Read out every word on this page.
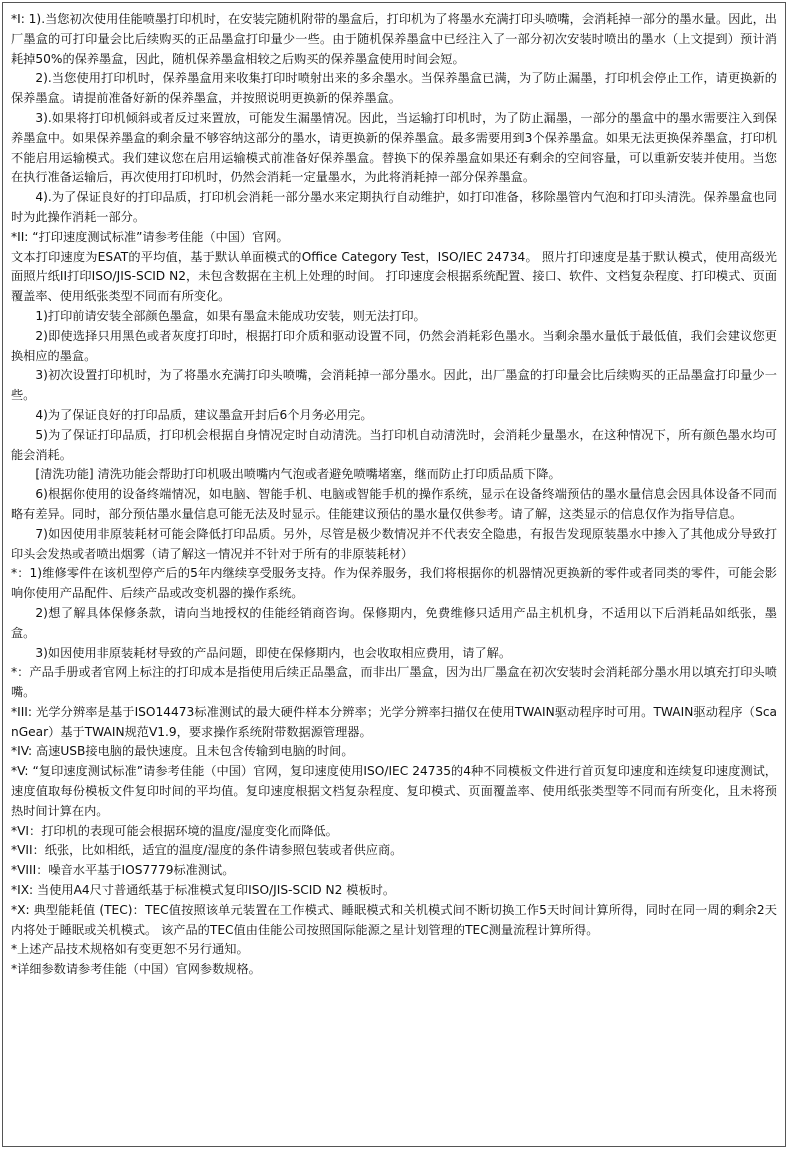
*I: 1).当您初次使用佳能喷墨打印机时，在安装完随机附带的墨盒后，打印机为了将墨水充满打印头喷嘴，会消耗掉一部分的墨水量。因此，出厂墨盒的可打印量会比后续购买的正品墨盒打印量少一些。由于随机保养墨盒中已经注入了一部分初次安装时喷出的墨水（上文提到）预计消耗掉50%的保养墨盒，因此，随机保养墨盒相较之后购买的保养墨盒使用时间会短。

2).当您使用打印机时，保养墨盒用来收集打印时喷射出来的多余墨水。当保养墨盒已满，为了防止漏墨，打印机会停止工作，请更换新的保养墨盒。请提前准备好新的保养墨盒，并按照说明更换新的保养墨盒。

3).如果将打印机倾斜或者反过来置放，可能发生漏墨情况。因此，当运输打印机时，为了防止漏墨，一部分的墨盒中的墨水需要注入到保养墨盒中。如果保养墨盒的剩余量不够容纳这部分的墨水，请更换新的保养墨盒。最多需要用到3个保养墨盒。如果无法更换保养墨盒，打印机不能启用运输模式。我们建议您在启用运输模式前准备好保养墨盒。替换下的保养墨盒如果还有剩余的空间容量，可以重新安装并使用。当您在执行准备运输后，再次使用打印机时，仍然会消耗一定量墨水，为此将消耗掉一部分保养墨盒。

4).为了保证良好的打印品质，打印机会消耗一部分墨水来定期执行自动维护，如打印准备，移除墨管内气泡和打印头清洗。保养墨盒也同时为此操作消耗一部分。

*II: “打印速度测试标准”请参考佳能（中国）官网。

文本打印速度为ESAT的平均值，基于默认单面模式的Office Category Test，ISO/IEC 24734。 照片打印速度是基于默认模式，使用高级光面照片纸II打印ISO/JIS-SCID N2，未包含数据在主机上处理的时间。 打印速度会根据系统配置、接口、软件、文档复杂程度、打印模式、页面覆盖率、使用纸张类型不同而有所变化。

1)打印前请安装全部颜色墨盒，如果有墨盒未能成功安装，则无法打印。

2)即使选择只用黑色或者灰度打印时，根据打印介质和驱动设置不同，仍然会消耗彩色墨水。当剩余墨水量低于最低值，我们会建议您更换相应的墨盒。

3)初次设置打印机时，为了将墨水充满打印头喷嘴，会消耗掉一部分墨水。因此，出厂墨盒的打印量会比后续购买的正品墨盒打印量少一些。

4)为了保证良好的打印品质，建议墨盒开封后6个月务必用完。

5)为了保证打印品质，打印机会根据自身情况定时自动清洗。当打印机自动清洗时，会消耗少量墨水，在这种情况下，所有颜色墨水均可能会消耗。

[清洗功能] 清洗功能会帮助打印机吸出喷嘴内气泡或者避免喷嘴堵塞，继而防止打印质品质下降。

6)根据你使用的设备终端情况，如电脑、智能手机、电脑或智能手机的操作系统，显示在设备终端预估的墨水量信息会因具体设备不同而略有差异。同时，部分预估墨水量信息可能无法及时显示。佳能建议预估的墨水量仅供参考。请了解，这类显示的信息仅作为指导信息。

7)如因使用非原装耗材可能会降低打印品质。另外，尽管是极少数情况并不代表安全隐患，有报告发现原装墨水中掺入了其他成分导致打印头会发热或者喷出烟雾（请了解这一情况并不针对于所有的非原装耗材）

*：1)维修零件在该机型停产后的5年内继续享受服务支持。作为保养服务，我们将根据你的机器情况更换新的零件或者同类的零件，可能会影响你使用产品配件、后续产品或改变机器的操作系统。

2)想了解具体保修条款，请向当地授权的佳能经销商咨询。保修期内，免费维修只适用产品主机机身，不适用以下后消耗品如纸张，墨盒。

3)如因使用非原装耗材导致的产品问题，即使在保修期内，也会收取相应费用，请了解。

*：产品手册或者官网上标注的打印成本是指使用后续正品墨盒，而非出厂墨盒，因为出厂墨盒在初次安装时会消耗部分墨水用以填充打印头喷嘴。

*III: 光学分辨率是基于ISO14473标准测试的最大硬件样本分辨率；光学分辨率扫描仅在使用TWAIN驱动程序时可用。TWAIN驱动程序（ScanGear）基于TWAIN规范V1.9，要求操作系统附带数据源管理器。

*IV: 高速USB接电脑的最快速度。且未包含传输到电脑的时间。

*V: “复印速度测试标准”请参考佳能（中国）官网，复印速度使用ISO/IEC 24735的4种不同模板文件进行首页复印速度和连续复印速度测试，速度值取每份模板文件复印时间的平均值。复印速度根据文档复杂程度、复印模式、页面覆盖率、使用纸张类型等不同而有所变化，且未将预热时间计算在内。

*VI：打印机的表现可能会根据环境的温度/湿度变化而降低。

*VII：纸张，比如相纸，适宜的温度/湿度的条件请参照包装或者供应商。

*VIII：噪音水平基于IOS7779标准测试。

*IX: 当使用A4尺寸普通纸基于标准模式复印ISO/JIS-SCID N2 模板时。

*X: 典型能耗值 (TEC)：TEC值按照该单元装置在工作模式、睡眠模式和关机模式间不断切换工作5天时间计算所得，同时在同一周的剩余2天内将处于睡眠或关机模式。 该产品的TEC值由佳能公司按照国际能源之星计划管理的TEC测量流程计算所得。

*上述产品技术规格如有变更恕不另行通知。

*详细参数请参考佳能（中国）官网参数规格。
